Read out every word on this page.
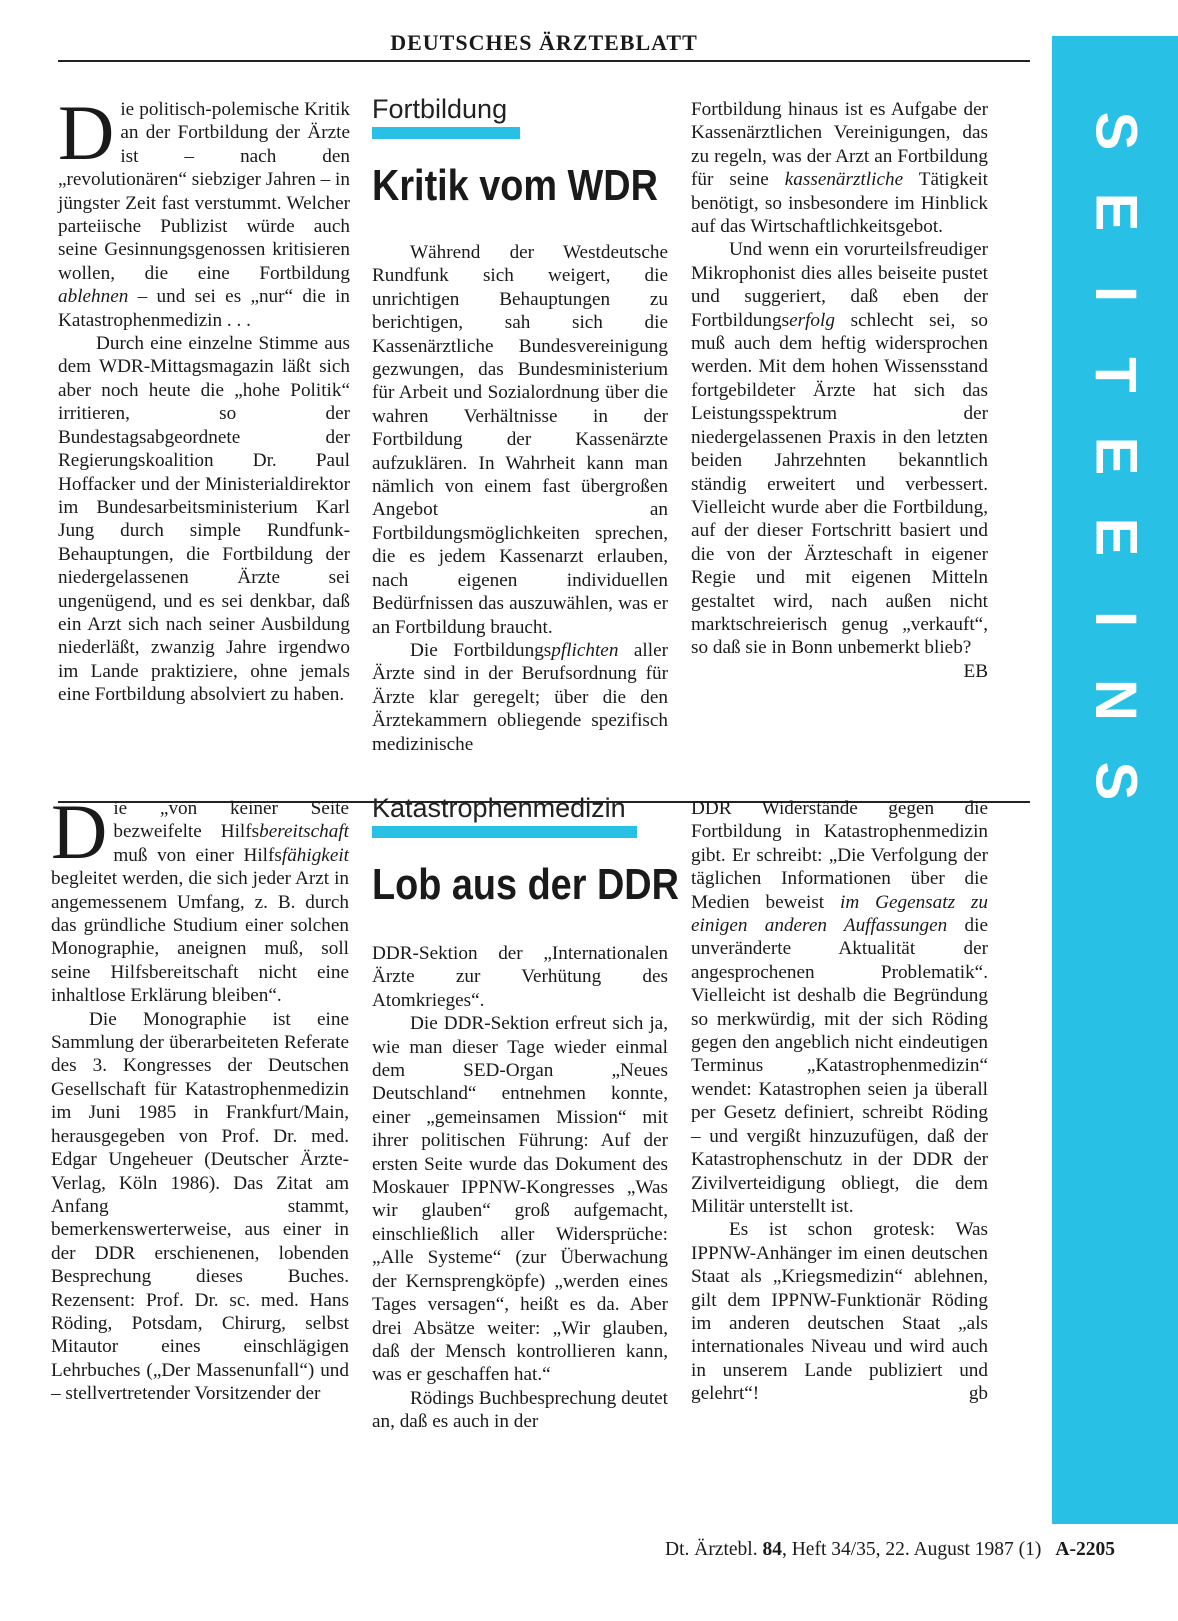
DEUTSCHES ÄRZTEBLATT
S
E
I
T
E
E
I
N
S

Die politisch-polemische Kritik an der Fortbildung der Ärzte ist – nach den „revolutionären“ siebziger Jahren – in jüngster Zeit fast verstummt. Welcher parteiische Publizist würde auch seine Gesinnungsgenossen kritisieren wollen, die eine Fortbildung ablehnen – und sei es „nur“ die in Katastrophenmedizin . . .

Durch eine einzelne Stimme aus dem WDR-Mittagsmagazin läßt sich aber noch heute die „hohe Politik“ irritieren, so der Bundestagsabgeordnete der Regierungskoalition Dr. Paul Hoffacker und der Ministerialdirektor im Bundesarbeitsministerium Karl Jung durch simple Rundfunk-Behauptungen, die Fortbildung der niedergelassenen Ärzte sei ungenügend, und es sei denkbar, daß ein Arzt sich nach seiner Ausbildung niederläßt, zwanzig Jahre irgendwo im Lande praktiziere, ohne jemals eine Fortbildung absolviert zu haben.

Fortbildung
Kritik vom WDR

Während der Westdeutsche Rundfunk sich weigert, die unrichtigen Behauptungen zu berichtigen, sah sich die Kassenärztliche Bundesvereinigung gezwungen, das Bundesministerium für Arbeit und Sozialordnung über die wahren Verhältnisse in der Fortbildung der Kassenärzte aufzuklären. In Wahrheit kann man nämlich von einem fast übergroßen Angebot an Fortbildungsmöglichkeiten sprechen, die es jedem Kassenarzt erlauben, nach eigenen individuellen Bedürfnissen das auszuwählen, was er an Fortbildung braucht.

Die Fortbildungspflichten aller Ärzte sind in der Berufsordnung für Ärzte klar geregelt; über die den Ärztekammern obliegende spezifisch medizinische

Fortbildung hinaus ist es Aufgabe der Kassenärztlichen Vereinigungen, das zu regeln, was der Arzt an Fortbildung für seine kassenärztliche Tätigkeit benötigt, so insbesondere im Hinblick auf das Wirtschaftlichkeitsgebot.

Und wenn ein vorurteilsfreudiger Mikrophonist dies alles beiseite pustet und suggeriert, daß eben der Fortbildungserfolg schlecht sei, so muß auch dem heftig widersprochen werden. Mit dem hohen Wissensstand fortgebildeter Ärzte hat sich das Leistungsspektrum der niedergelassenen Praxis in den letzten beiden Jahrzehnten bekanntlich ständig erweitert und verbessert. Vielleicht wurde aber die Fortbildung, auf der dieser Fortschritt basiert und die von der Ärzteschaft in eigener Regie und mit eigenen Mitteln gestaltet wird, nach außen nicht marktschreierisch genug „verkauft“, so daß sie in Bonn unbemerkt blieb?
EB

Die „von keiner Seite bezweifelte Hilfsbereitschaft muß von einer Hilfsfähigkeit begleitet werden, die sich jeder Arzt in angemessenem Umfang, z. B. durch das gründliche Studium einer solchen Monographie, aneignen muß, soll seine Hilfsbereitschaft nicht eine inhaltlose Erklärung bleiben“.

Die Monographie ist eine Sammlung der überarbeiteten Referate des 3. Kongresses der Deutschen Gesellschaft für Katastrophenmedizin im Juni 1985 in Frankfurt/Main, herausgegeben von Prof. Dr. med. Edgar Ungeheuer (Deutscher Ärzte-Verlag, Köln 1986). Das Zitat am Anfang stammt, bemerkenswerterweise, aus einer in der DDR erschienenen, lobenden Besprechung dieses Buches. Rezensent: Prof. Dr. sc. med. Hans Röding, Potsdam, Chirurg, selbst Mitautor eines einschlägigen Lehrbuches („Der Massenunfall“) und – stellvertretender Vorsitzender der

Katastrophenmedizin
Lob aus der DDR

DDR-Sektion der „Internationalen Ärzte zur Verhütung des Atomkrieges“.

Die DDR-Sektion erfreut sich ja, wie man dieser Tage wieder einmal dem SED-Organ „Neues Deutschland“ entnehmen konnte, einer „gemeinsamen Mission“ mit ihrer politischen Führung: Auf der ersten Seite wurde das Dokument des Moskauer IPPNW-Kongresses „Was wir glauben“ groß aufgemacht, einschließlich aller Widersprüche: „Alle Systeme“ (zur Überwachung der Kernsprengköpfe) „werden eines Tages versagen“, heißt es da. Aber drei Absätze weiter: „Wir glauben, daß der Mensch kontrollieren kann, was er geschaffen hat.“

Rödings Buchbesprechung deutet an, daß es auch in der

DDR Widerstände gegen die Fortbildung in Katastrophenmedizin gibt. Er schreibt: „Die Verfolgung der täglichen Informationen über die Medien beweist im Gegensatz zu einigen anderen Auffassungen die unveränderte Aktualität der angesprochenen Problematik“. Vielleicht ist deshalb die Begründung so merkwürdig, mit der sich Röding gegen den angeblich nicht eindeutigen Terminus „Katastrophenmedizin“ wendet: Katastrophen seien ja überall per Gesetz definiert, schreibt Röding – und vergißt hinzuzufügen, daß der Katastrophenschutz in der DDR der Zivilverteidigung obliegt, die dem Militär unterstellt ist.

Es ist schon grotesk: Was IPPNW-Anhänger im einen deutschen Staat als „Kriegsmedizin“ ablehnen, gilt dem IPPNW-Funktionär Röding im anderen deutschen Staat „als internationales Niveau und wird auch in unserem Lande publiziert und gelehrt“!	gb

Dt. Ärztebl. 84, Heft 34/35, 22. August 1987 (1) A-2205
